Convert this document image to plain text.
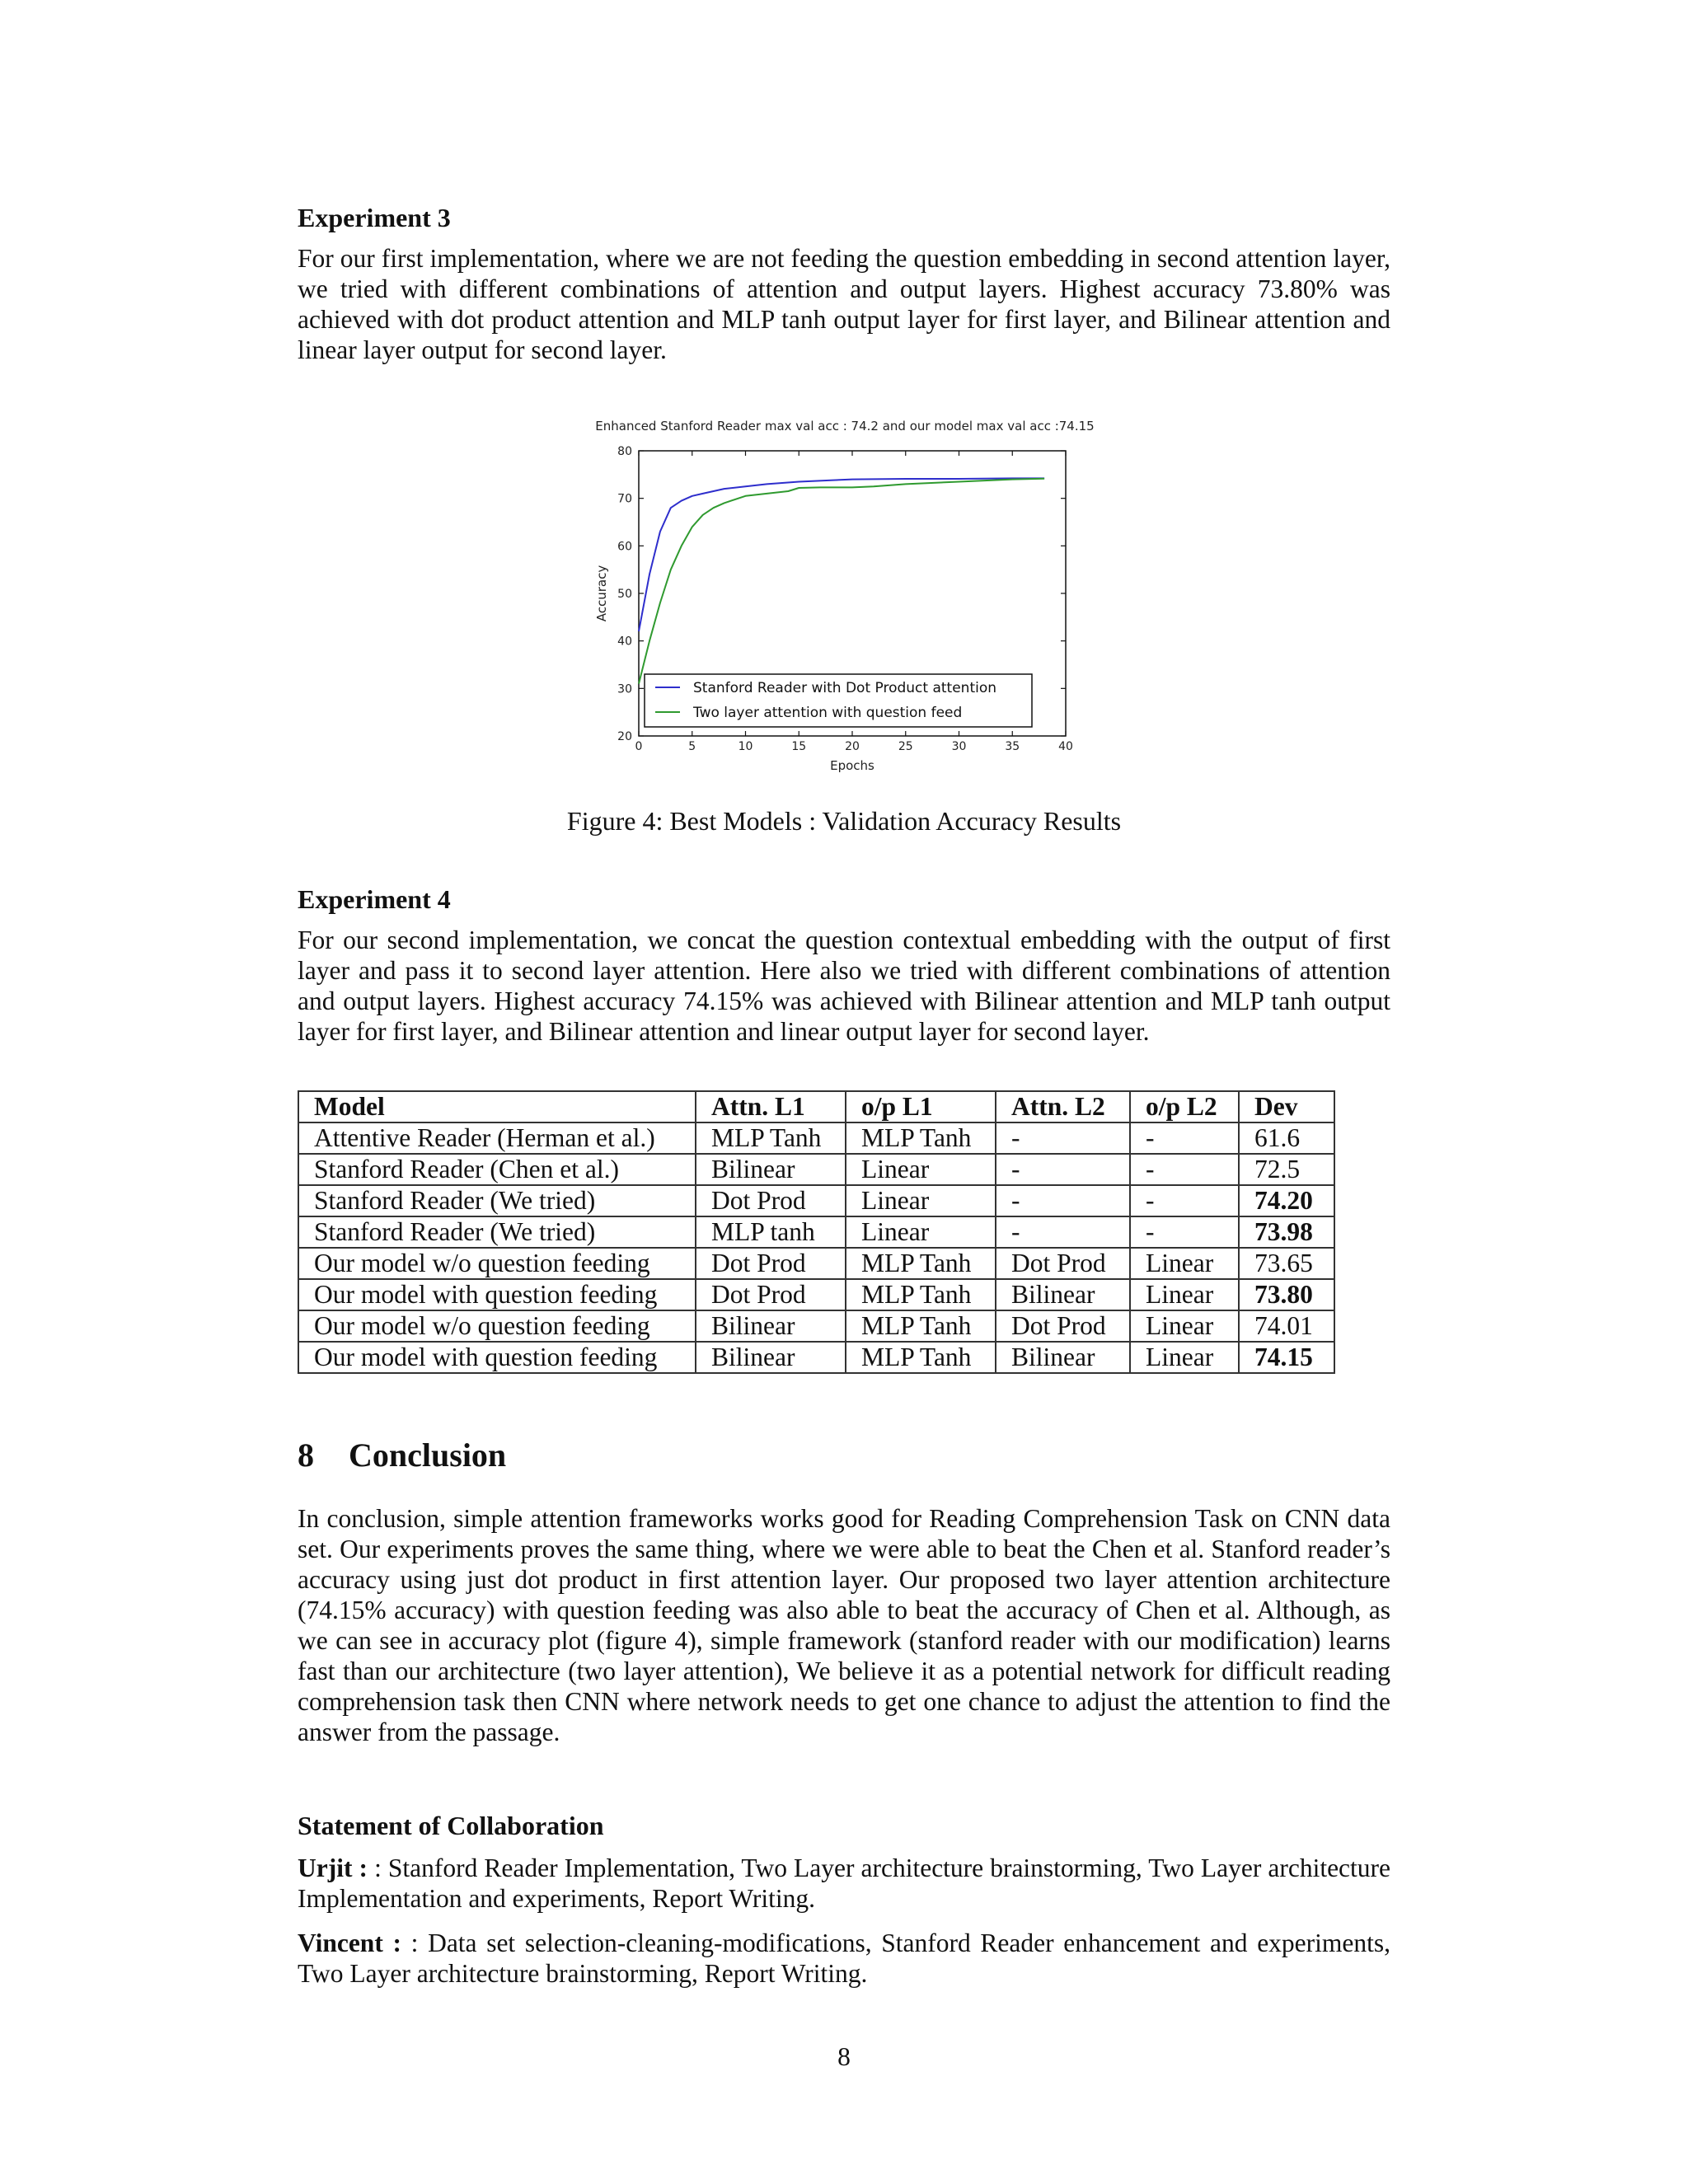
Experiment 3

For our first implementation, where we are not feeding the question embedding in second attention layer, we tried with different combinations of attention and output layers. Highest accuracy 73.80% was achieved with dot product attention and MLP tanh output layer for first layer, and Bilinear attention and linear layer output for second layer.

Enhanced Stanford Reader max val acc : 74.2 and our model max val acc :74.15
0	5	10	15	20	25	30	35	40
20
30
40
50
60
70
80
Epochs
Accuracy
Stanford Reader with Dot Product attention
Two layer attention with question feed

Figure 4: Best Models : Validation Accuracy Results

Experiment 4

For our second implementation, we concat the question contextual embedding with the output of first layer and pass it to second layer attention. Here also we tried with different combinations of attention and output layers. Highest accuracy 74.15% was achieved with Bilinear attention and MLP tanh output layer for first layer, and Bilinear attention and linear output layer for second layer.

Model	Attn. L1	o/p L1	Attn. L2	o/p L2	Dev
Attentive Reader (Herman et al.)	MLP Tanh	MLP Tanh	-	-	61.6
Stanford Reader (Chen et al.)	Bilinear	Linear	-	-	72.5
Stanford Reader (We tried)	Dot Prod	Linear	-	-	74.20
Stanford Reader (We tried)	MLP tanh	Linear	-	-	73.98
Our model w/o question feeding	Dot Prod	MLP Tanh	Dot Prod	Linear	73.65
Our model with question feeding	Dot Prod	MLP Tanh	Bilinear	Linear	73.80
Our model w/o question feeding	Bilinear	MLP Tanh	Dot Prod	Linear	74.01
Our model with question feeding	Bilinear	MLP Tanh	Bilinear	Linear	74.15

8 Conclusion

In conclusion, simple attention frameworks works good for Reading Comprehension Task on CNN data set. Our experiments proves the same thing, where we were able to beat the Chen et al. Stanford reader’s accuracy using just dot product in first attention layer. Our proposed two layer attention architecture (74.15% accuracy) with question feeding was also able to beat the accuracy of Chen et al. Although, as we can see in accuracy plot (figure 4), simple framework (stanford reader with our modification) learns fast than our architecture (two layer attention), We believe it as a potential network for difficult reading comprehension task then CNN where network needs to get one chance to adjust the attention to find the answer from the passage.

Statement of Collaboration

Urjit : : Stanford Reader Implementation, Two Layer architecture brainstorming, Two Layer architecture Implementation and experiments, Report Writing.

Vincent : : Data set selection-cleaning-modifications, Stanford Reader enhancement and experiments, Two Layer architecture brainstorming, Report Writing.

8
